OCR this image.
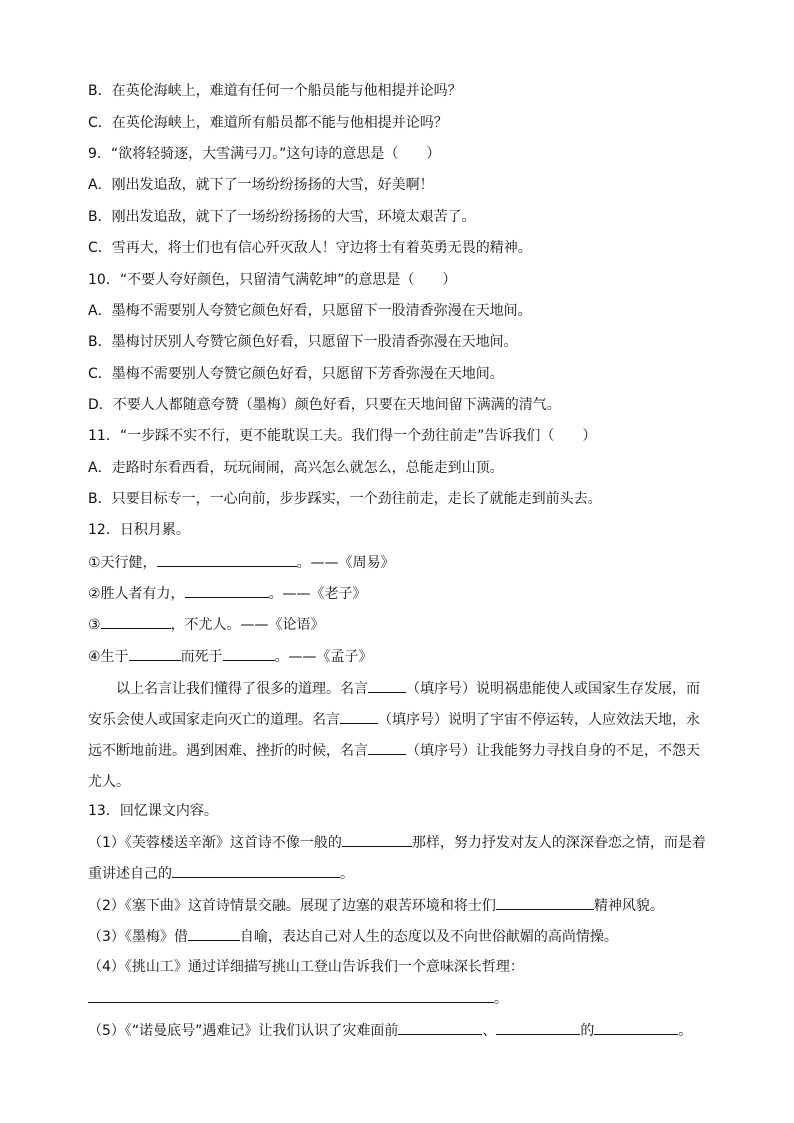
B．在英伦海峡上，难道有任何一个船员能与他相提并论吗？
C．在英伦海峡上，难道所有船员都不能与他相提并论吗？
9．“欲将轻骑逐，大雪满弓刀。”这句诗的意思是（　　）
A．刚出发追敌，就下了一场纷纷扬扬的大雪，好美啊！
B．刚出发追敌，就下了一场纷纷扬扬的大雪，环境太艰苦了。
C．雪再大，将士们也有信心歼灭敌人！守边将士有着英勇无畏的精神。
10．“不要人夸好颜色，只留清气满乾坤”的意思是（　　）
A．墨梅不需要别人夸赞它颜色好看，只愿留下一股清香弥漫在天地间。
B．墨梅讨厌别人夸赞它颜色好看，只愿留下一股清香弥漫在天地间。
C．墨梅不需要别人夸赞它颜色好看，只愿留下芳香弥漫在天地间。
D．不要人人都随意夸赞（墨梅）颜色好看，只要在天地间留下满满的清气。
11．“一步踩不实不行，更不能耽误工夫。我们得一个劲往前走”告诉我们（　　）
A．走路时东看西看，玩玩闹闹，高兴怎么就怎么，总能走到山顶。
B．只要目标专一，一心向前，步步踩实，一个劲往前走，走长了就能走到前头去。
12．日积月累。
①天行健，	。——《周易》
②胜人者有力，	。——《老子》
③	，不尤人。——《论语》
④生于	而死于	。——《孟子》
以上名言让我们懂得了很多的道理。名言	（填序号）说明祸患能使人或国家生存发展，而安乐会使人或国家走向灭亡的道理。名言	（填序号）说明了宇宙不停运转，人应效法天地，永远不断地前进。遇到困难、挫折的时候，名言	（填序号）让我能努力寻找自身的不足，不怨天尤人。
13．回忆课文内容。
（1）《芙蓉楼送辛渐》这首诗不像一般的	那样，努力抒发对友人的深深眷恋之情，而是着
重讲述自己的	。
（2）《塞下曲》这首诗情景交融。展现了边塞的艰苦环境和将士们	精神风貌。
（3）《墨梅》借	自喻，表达自己对人生的态度以及不向世俗献媚的高尚情操。
（4）《挑山工》通过详细描写挑山工登山告诉我们一个意味深长哲理：
。
（5）《“诺曼底号”遇难记》让我们认识了灾难面前	、	的	。
